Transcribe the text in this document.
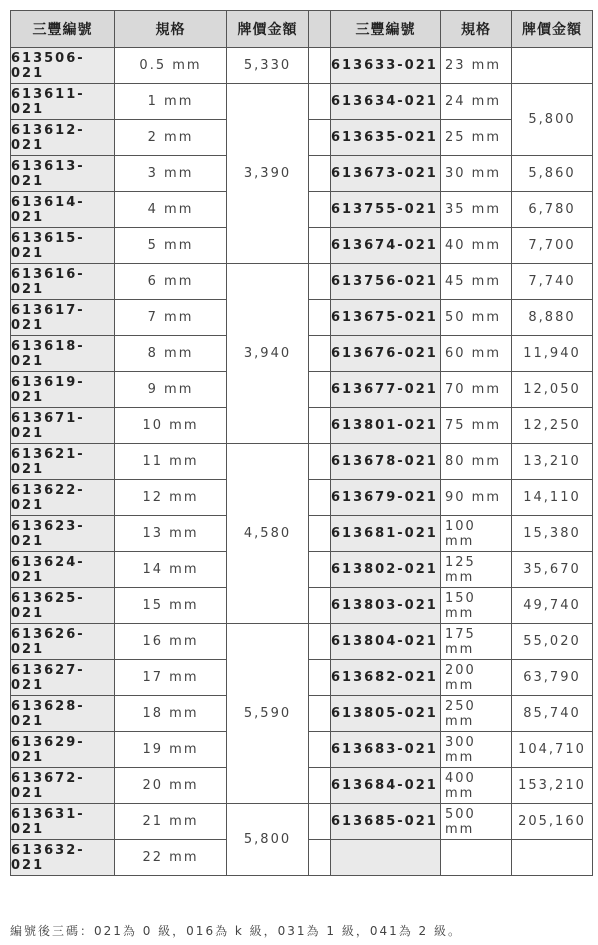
三豐編號	規格	牌價金額		三豐編號	規格	牌價金額
613506-021	0.5 mm	5,330		613633-021	23 mm	
613611-021	1 mm	3,390		613634-021	24 mm	5,800
613612-021	2 mm			613635-021	25 mm	
613613-021	3 mm			613673-021	30 mm	5,860
613614-021	4 mm			613755-021	35 mm	6,780
613615-021	5 mm			613674-021	40 mm	7,700
613616-021	6 mm	3,940		613756-021	45 mm	7,740
613617-021	7 mm			613675-021	50 mm	8,880
613618-021	8 mm			613676-021	60 mm	11,940
613619-021	9 mm			613677-021	70 mm	12,050
613671-021	10 mm			613801-021	75 mm	12,250
613621-021	11 mm	4,580		613678-021	80 mm	13,210
613622-021	12 mm			613679-021	90 mm	14,110
613623-021	13 mm			613681-021	100 mm	15,380
613624-021	14 mm			613802-021	125 mm	35,670
613625-021	15 mm			613803-021	150 mm	49,740
613626-021	16 mm	5,590		613804-021	175 mm	55,020
613627-021	17 mm			613682-021	200 mm	63,790
613628-021	18 mm			613805-021	250 mm	85,740
613629-021	19 mm			613683-021	300 mm	104,710
613672-021	20 mm			613684-021	400 mm	153,210
613631-021	21 mm	5,800		613685-021	500 mm	205,160
613632-021	22 mm					
編號後三碼：021為 0 級，016為 k 級，031為 1 級，041為 2 級。
